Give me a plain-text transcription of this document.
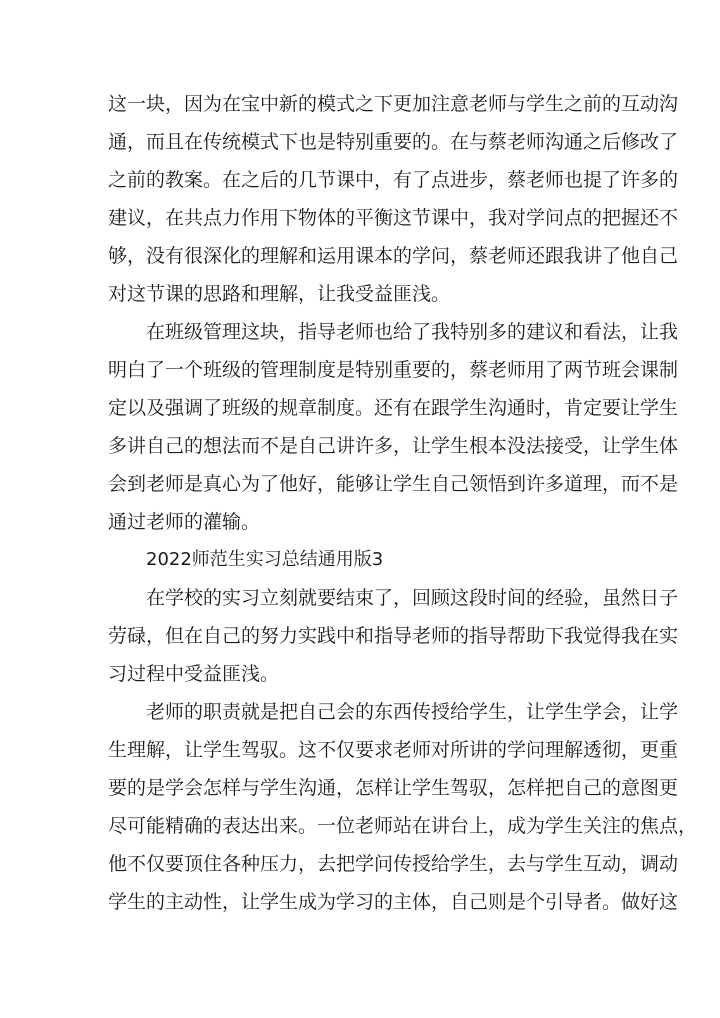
这一块，因为在宝中新的模式之下更加注意老师与学生之前的互动沟
通，而且在传统模式下也是特别重要的。在与蔡老师沟通之后修改了
之前的教案。在之后的几节课中，有了点进步，蔡老师也提了许多的
建议，在共点力作用下物体的平衡这节课中，我对学问点的把握还不
够，没有很深化的理解和运用课本的学问，蔡老师还跟我讲了他自己
对这节课的思路和理解，让我受益匪浅。
在班级管理这块，指导老师也给了我特别多的建议和看法，让我
明白了一个班级的管理制度是特别重要的，蔡老师用了两节班会课制
定以及强调了班级的规章制度。还有在跟学生沟通时，肯定要让学生
多讲自己的想法而不是自己讲许多，让学生根本没法接受，让学生体
会到老师是真心为了他好，能够让学生自己领悟到许多道理，而不是
通过老师的灌输。
2022师范生实习总结通用版3
在学校的实习立刻就要结束了，回顾这段时间的经验，虽然日子
劳碌，但在自己的努力实践中和指导老师的指导帮助下我觉得我在实
习过程中受益匪浅。
老师的职责就是把自己会的东西传授给学生，让学生学会，让学
生理解，让学生驾驭。这不仅要求老师对所讲的学问理解透彻，更重
要的是学会怎样与学生沟通，怎样让学生驾驭，怎样把自己的意图更
尽可能精确的表达出来。一位老师站在讲台上，成为学生关注的焦点，
他不仅要顶住各种压力，去把学问传授给学生，去与学生互动，调动
学生的主动性，让学生成为学习的主体，自己则是个引导者。做好这
